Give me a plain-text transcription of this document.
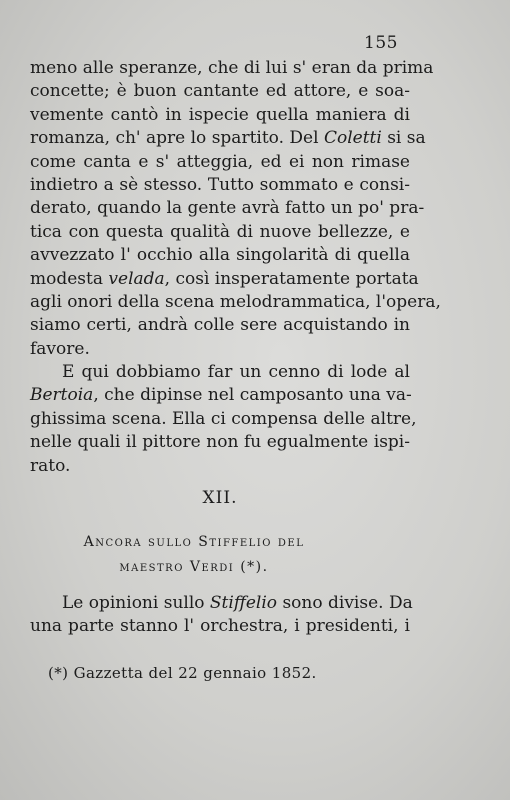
155
meno alle speranze, che di lui s' eran da prima
concette; è buon cantante ed attore, e soa-
vemente cantò in ispecie quella maniera di
romanza, ch' apre lo spartito. Del Coletti si sa
come canta e s' atteggia, ed ei non rimase
indietro a sè stesso. Tutto sommato e consi-
derato, quando la gente avrà fatto un po' pra-
tica con questa qualità di nuove bellezze, e
avvezzato l' occhio alla singolarità di quella
modesta velada, così insperatamente portata
agli onori della scena melodrammatica, l'opera,
siamo certi, andrà colle sere acquistando in
favore.
E qui dobbiamo far un cenno di lode al
Bertoia, che dipinse nel camposanto una va-
ghissima scena. Ella ci compensa delle altre,
nelle quali il pittore non fu egualmente ispi-
rato.
XII.
Ancora sullo Stiffelio del
maestro Verdi (*).
Le opinioni sullo Stiffelio sono divise. Da
una parte stanno l' orchestra, i presidenti, i
(*) Gazzetta del 22 gennaio 1852.
